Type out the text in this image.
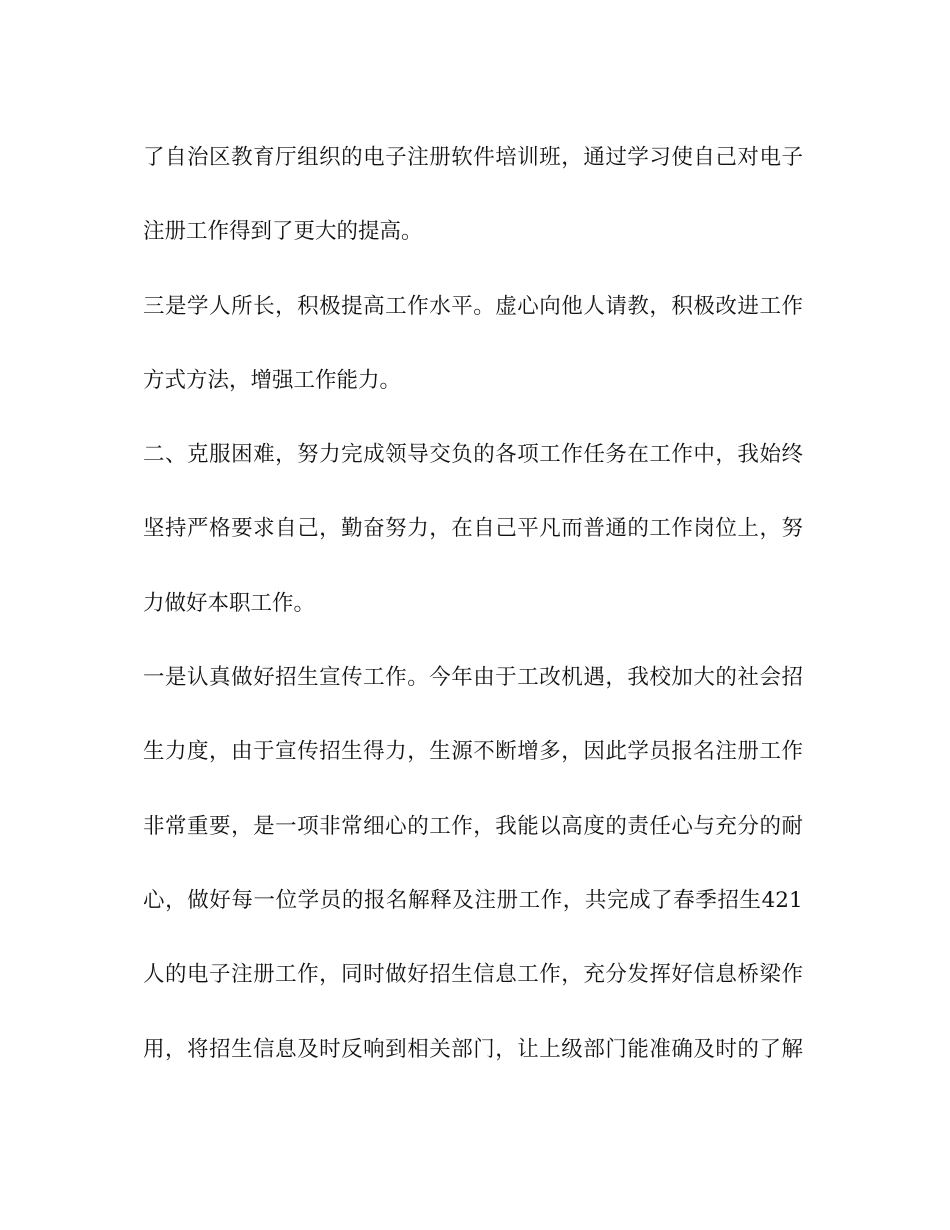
了 自 治 区 教 育 厅 组 织 的 电 子 注 册 软 件 培 训 班 ， 通 过 学 习 使 自 己 对 电 子
注册工作得到了更大的提高。
三 是 学 人 所 长 ， 积 极 提 高 工 作 水 平 。 虚 心 向 他 人 请 教 ， 积 极 改 进 工 作
方式方法，增强工作能力。
二 、 克 服 困 难 ， 努 力 完 成 领 导 交 负 的 各 项 工 作 任 务 在 工 作 中 ， 我 始 终
坚 持 严 格 要 求 自 己 ， 勤 奋 努 力 ， 在 自 己 平 凡 而 普 通 的 工 作 岗 位 上 ， 努
力做好本职工作。
一 是 认 真 做 好 招 生 宣 传 工 作 。 今 年 由 于 工 改 机 遇 ， 我 校 加 大 的 社 会 招
生 力 度 ， 由 于 宣 传 招 生 得 力 ， 生 源 不 断 增 多 ， 因 此 学 员 报 名 注 册 工 作
非 常 重 要 ， 是 一 项 非 常 细 心 的 工 作 ， 我 能 以 高 度 的 责 任 心 与 充 分 的 耐
心 ， 做 好 每 一 位 学 员 的 报 名 解 释 及 注 册 工 作 ， 共 完 成 了 春 季 招 生 421
人 的 电 子 注 册 工 作 ， 同 时 做 好 招 生 信 息 工 作 ， 充 分 发 挥 好 信 息 桥 梁 作
用 ， 将 招 生 信 息 及 时 反 响 到 相 关 部 门 ， 让 上 级 部 门 能 准 确 及 时 的 了 解
